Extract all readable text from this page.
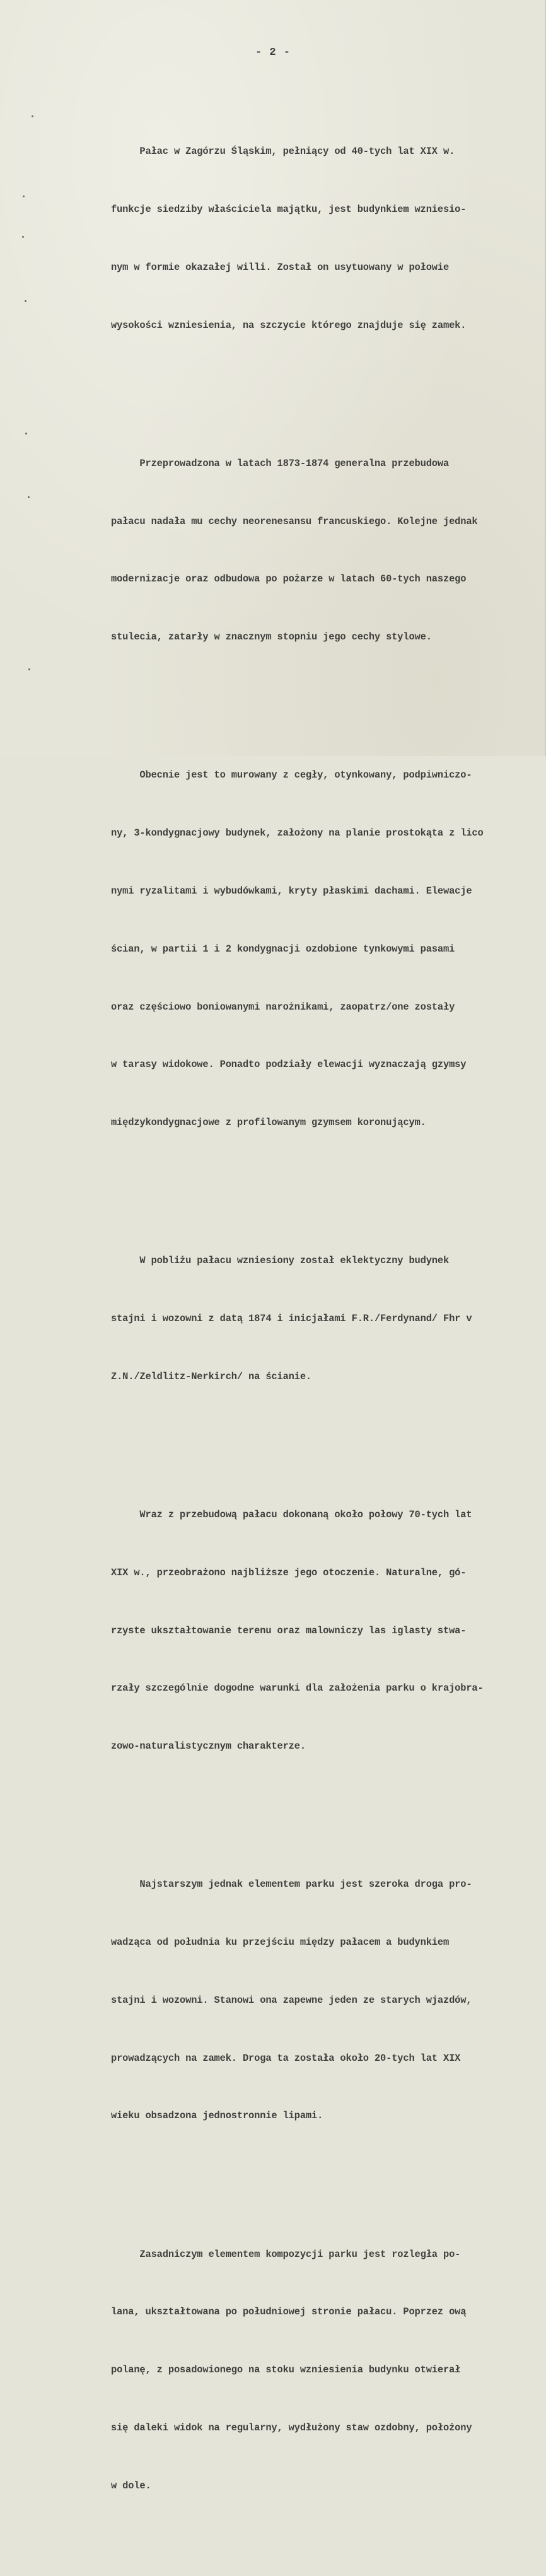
- 2 -

Pałac w Zagórzu Śląskim, pełniący od 40-tych lat XIX w.

funkcje siedziby właściciela majątku, jest budynkiem wzniesio-

nym w formie okazałej willi. Został on usytuowany w połowie

wysokości wzniesienia, na szczycie którego znajduje się zamek.

Przeprowadzona w latach 1873-1874 generalna przebudowa

pałacu nadała mu cechy neorenesansu francuskiego. Kolejne jednak

modernizacje oraz odbudowa po pożarze w latach 60-tych naszego

stulecia, zatarły w znacznym stopniu jego cechy stylowe.

Obecnie jest to murowany z cegły, otynkowany, podpiwniczo-

ny, 3-kondygnacjowy budynek, założony na planie prostokąta z lico

nymi ryzalitami i wybudówkami, kryty płaskimi dachami. Elewacje

ścian, w partii 1 i 2 kondygnacji ozdobione tynkowymi pasami

oraz częściowo boniowanymi narożnikami, zaopatrz/one zostały

w tarasy widokowe. Ponadto podziały elewacji wyznaczają gzymsy

międzykondygnacjowe z profilowanym gzymsem koronującym.

W pobliżu pałacu wzniesiony został eklektyczny budynek

stajni i wozowni z datą 1874 i inicjałami F.R./Ferdynand/ Fhr v

Z.N./Zeldlitz-Nerkirch/ na ścianie.

Wraz z przebudową pałacu dokonaną około połowy 70-tych lat

XIX w., przeobrażono najbliższe jego otoczenie. Naturalne, gó-

rzyste ukształtowanie terenu oraz malowniczy las iglasty stwa-

rzały szczególnie dogodne warunki dla założenia parku o krajobra-

zowo-naturalistycznym charakterze.

Najstarszym jednak elementem parku jest szeroka droga pro-

wadząca od południa ku przejściu między pałacem a budynkiem

stajni i wozowni. Stanowi ona zapewne jeden ze starych wjazdów,

prowadzących na zamek. Droga ta została około 20-tych lat XIX

wieku obsadzona jednostronnie lipami.

Zasadniczym elementem kompozycji parku jest rozległa po-

lana, ukształtowana po południowej stronie pałacu. Poprzez ową

polanę, z posadowionego na stoku wzniesienia budynku otwierał

się daleki widok na regularny, wydłużony staw ozdobny, położony

w dole.
